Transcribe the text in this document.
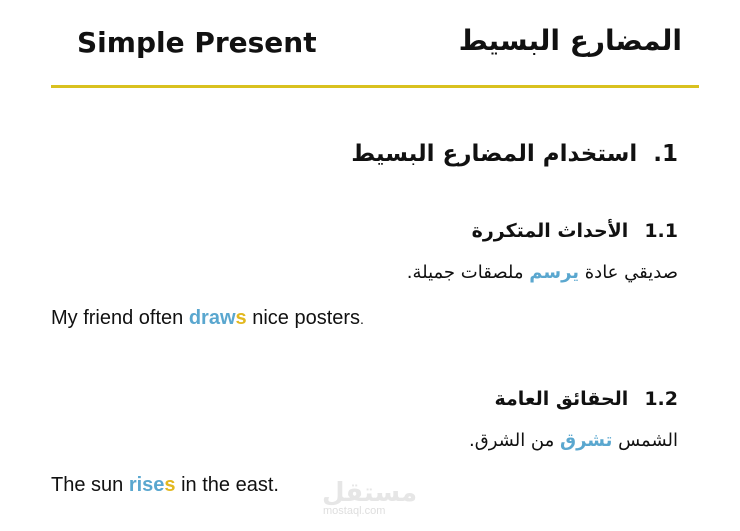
Simple Present	المضارع البسيط
1.استخدام المضارع البسيط
1.1الأحداث المتكررة
صديقي عادة يرسم ملصقات جميلة.
My friend often draws nice posters.
1.2الحقائق العامة
الشمس تشرق من الشرق.
The sun rises in the east. مستقل
mostaql.com
